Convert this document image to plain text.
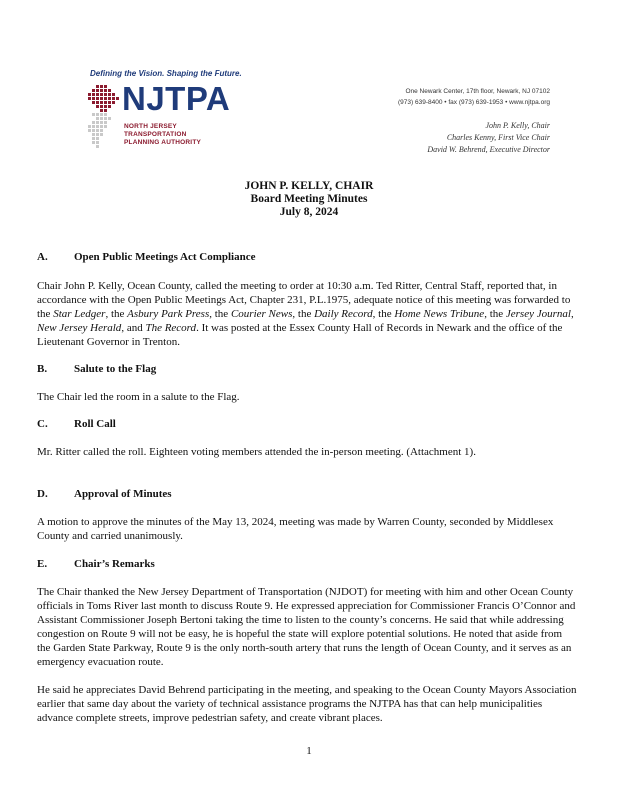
Defining the Vision. Shaping the Future.
NJTPA
NORTH JERSEY
TRANSPORTATION
PLANNING AUTHORITY
One Newark Center, 17th floor, Newark, NJ 07102
(973) 639-8400 • fax (973) 639-1953 • www.njtpa.org
John P. Kelly, Chair
Charles Kenny, First Vice Chair
David W. Behrend, Executive Director
JOHN P. KELLY, CHAIR
Board Meeting Minutes
July 8, 2024
A. Open Public Meetings Act Compliance
Chair John P. Kelly, Ocean County, called the meeting to order at 10:30 a.m. Ted Ritter, Central Staff, reported that, in accordance with the Open Public Meetings Act, Chapter 231, P.L.1975, adequate notice of this meeting was forwarded to the Star Ledger, the Asbury Park Press, the Courier News, the Daily Record, the Home News Tribune, the Jersey Journal, New Jersey Herald, and The Record. It was posted at the Essex County Hall of Records in Newark and the office of the Lieutenant Governor in Trenton.
B. Salute to the Flag
The Chair led the room in a salute to the Flag.
C. Roll Call
Mr. Ritter called the roll. Eighteen voting members attended the in-person meeting. (Attachment 1).
D. Approval of Minutes
A motion to approve the minutes of the May 13, 2024, meeting was made by Warren County, seconded by Middlesex County and carried unanimously.
E. Chair’s Remarks
The Chair thanked the New Jersey Department of Transportation (NJDOT) for meeting with him and other Ocean County officials in Toms River last month to discuss Route 9. He expressed appreciation for Commissioner Francis O’Connor and Assistant Commissioner Joseph Bertoni taking the time to listen to the county’s concerns. He said that while addressing congestion on Route 9 will not be easy, he is hopeful the state will explore potential solutions. He noted that aside from the Garden State Parkway, Route 9 is the only north-south artery that runs the length of Ocean County, and it serves as an emergency evacuation route.
He said he appreciates David Behrend participating in the meeting, and speaking to the Ocean County Mayors Association earlier that same day about the variety of technical assistance programs the NJTPA has that can help municipalities advance complete streets, improve pedestrian safety, and create vibrant places.
1
